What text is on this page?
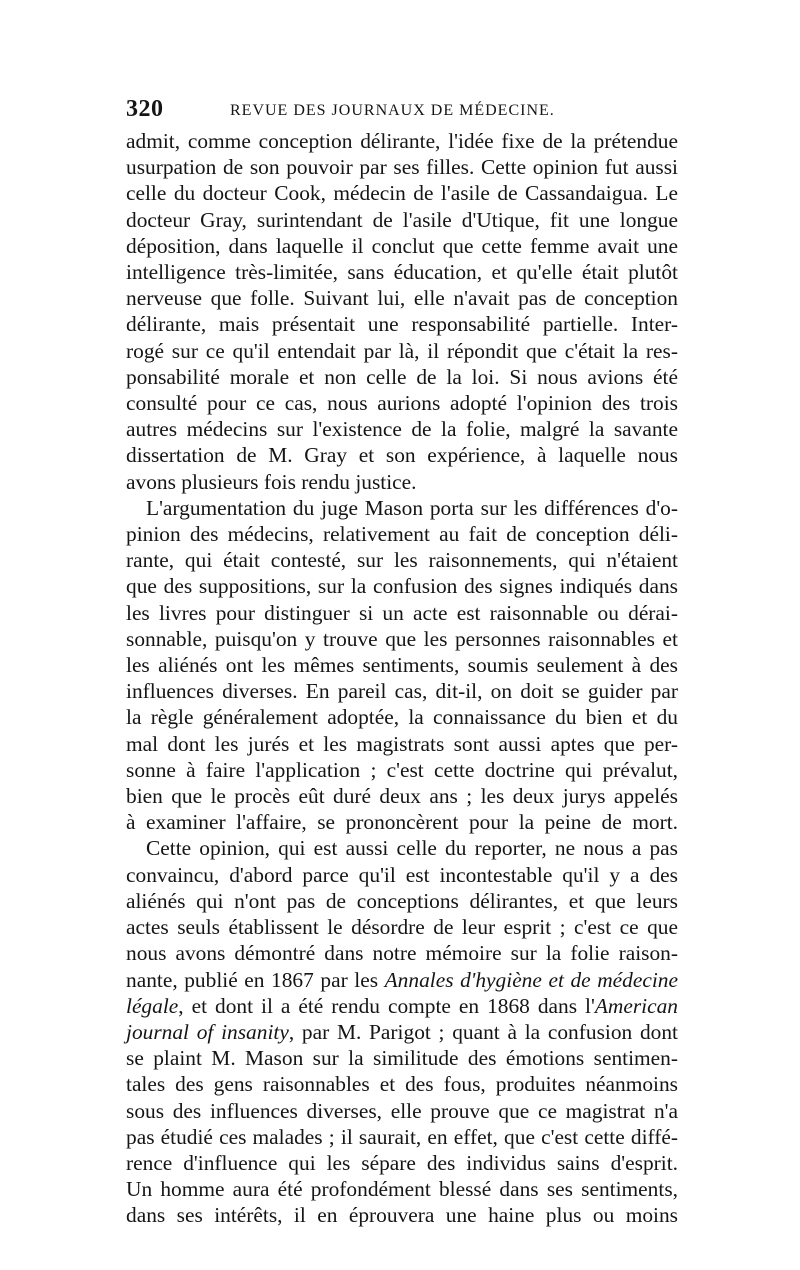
320	REVUE DES JOURNAUX DE MÉDECINE.

admit, comme conception délirante, l'idée fixe de la prétendue
usurpation de son pouvoir par ses filles. Cette opinion fut aussi
celle du docteur Cook, médecin de l'asile de Cassandaigua. Le
docteur Gray, surintendant de l'asile d'Utique, fit une longue
déposition, dans laquelle il conclut que cette femme avait une
intelligence très-limitée, sans éducation, et qu'elle était plutôt
nerveuse que folle. Suivant lui, elle n'avait pas de conception
délirante, mais présentait une responsabilité partielle. Inter-
rogé sur ce qu'il entendait par là, il répondit que c'était la res-
ponsabilité morale et non celle de la loi. Si nous avions été
consulté pour ce cas, nous aurions adopté l'opinion des trois
autres médecins sur l'existence de la folie, malgré la savante
dissertation de M. Gray et son expérience, à laquelle nous
avons plusieurs fois rendu justice.

L'argumentation du juge Mason porta sur les différences d'o-
pinion des médecins, relativement au fait de conception déli-
rante, qui était contesté, sur les raisonnements, qui n'étaient
que des suppositions, sur la confusion des signes indiqués dans
les livres pour distinguer si un acte est raisonnable ou dérai-
sonnable, puisqu'on y trouve que les personnes raisonnables et
les aliénés ont les mêmes sentiments, soumis seulement à des
influences diverses. En pareil cas, dit-il, on doit se guider par
la règle généralement adoptée, la connaissance du bien et du
mal dont les jurés et les magistrats sont aussi aptes que per-
sonne à faire l'application ; c'est cette doctrine qui prévalut,
bien que le procès eût duré deux ans ; les deux jurys appelés
à examiner l'affaire, se prononcèrent pour la peine de mort.

Cette opinion, qui est aussi celle du reporter, ne nous a pas
convaincu, d'abord parce qu'il est incontestable qu'il y a des
aliénés qui n'ont pas de conceptions délirantes, et que leurs
actes seuls établissent le désordre de leur esprit ; c'est ce que
nous avons démontré dans notre mémoire sur la folie raison-
nante, publié en 1867 par les Annales d'hygiène et de médecine
légale, et dont il a été rendu compte en 1868 dans l'American
journal of insanity, par M. Parigot ; quant à la confusion dont
se plaint M. Mason sur la similitude des émotions sentimen-
tales des gens raisonnables et des fous, produites néanmoins
sous des influences diverses, elle prouve que ce magistrat n'a
pas étudié ces malades ; il saurait, en effet, que c'est cette diffé-
rence d'influence qui les sépare des individus sains d'esprit.
Un homme aura été profondément blessé dans ses sentiments,
dans ses intérêts, il en éprouvera une haine plus ou moins
